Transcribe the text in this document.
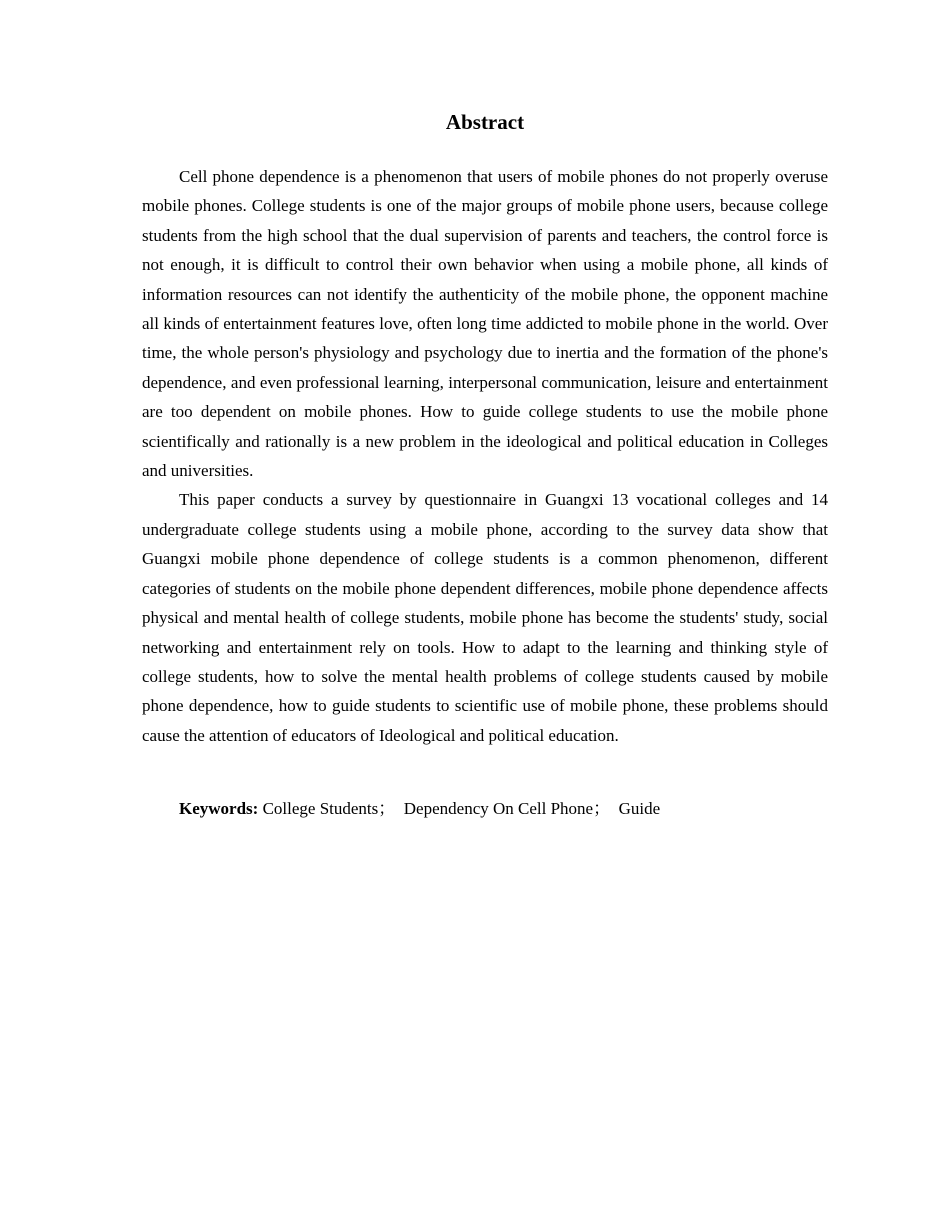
Abstract

Cell phone dependence is a phenomenon that users of mobile phones do not properly overuse mobile phones. College students is one of the major groups of mobile phone users, because college students from the high school that the dual supervision of parents and teachers, the control force is not enough, it is difficult to control their own behavior when using a mobile phone, all kinds of information resources can not identify the authenticity of the mobile phone, the opponent machine all kinds of entertainment features love, often long time addicted to mobile phone in the world. Over time, the whole person's physiology and psychology due to inertia and the formation of the phone's dependence, and even professional learning, interpersonal communication, leisure and entertainment are too dependent on mobile phones. How to guide college students to use the mobile phone scientifically and rationally is a new problem in the ideological and political education in Colleges and universities.

This paper conducts a survey by questionnaire in Guangxi 13 vocational colleges and 14 undergraduate college students using a mobile phone, according to the survey data show that Guangxi mobile phone dependence of college students is a common phenomenon, different categories of students on the mobile phone dependent differences, mobile phone dependence affects physical and mental health of college students, mobile phone has become the students' study, social networking and entertainment rely on tools. How to adapt to the learning and thinking style of college students, how to solve the mental health problems of college students caused by mobile phone dependence, how to guide students to scientific use of mobile phone, these problems should cause the attention of educators of Ideological and political education.

Keywords: College Students； Dependency On Cell Phone； Guide
